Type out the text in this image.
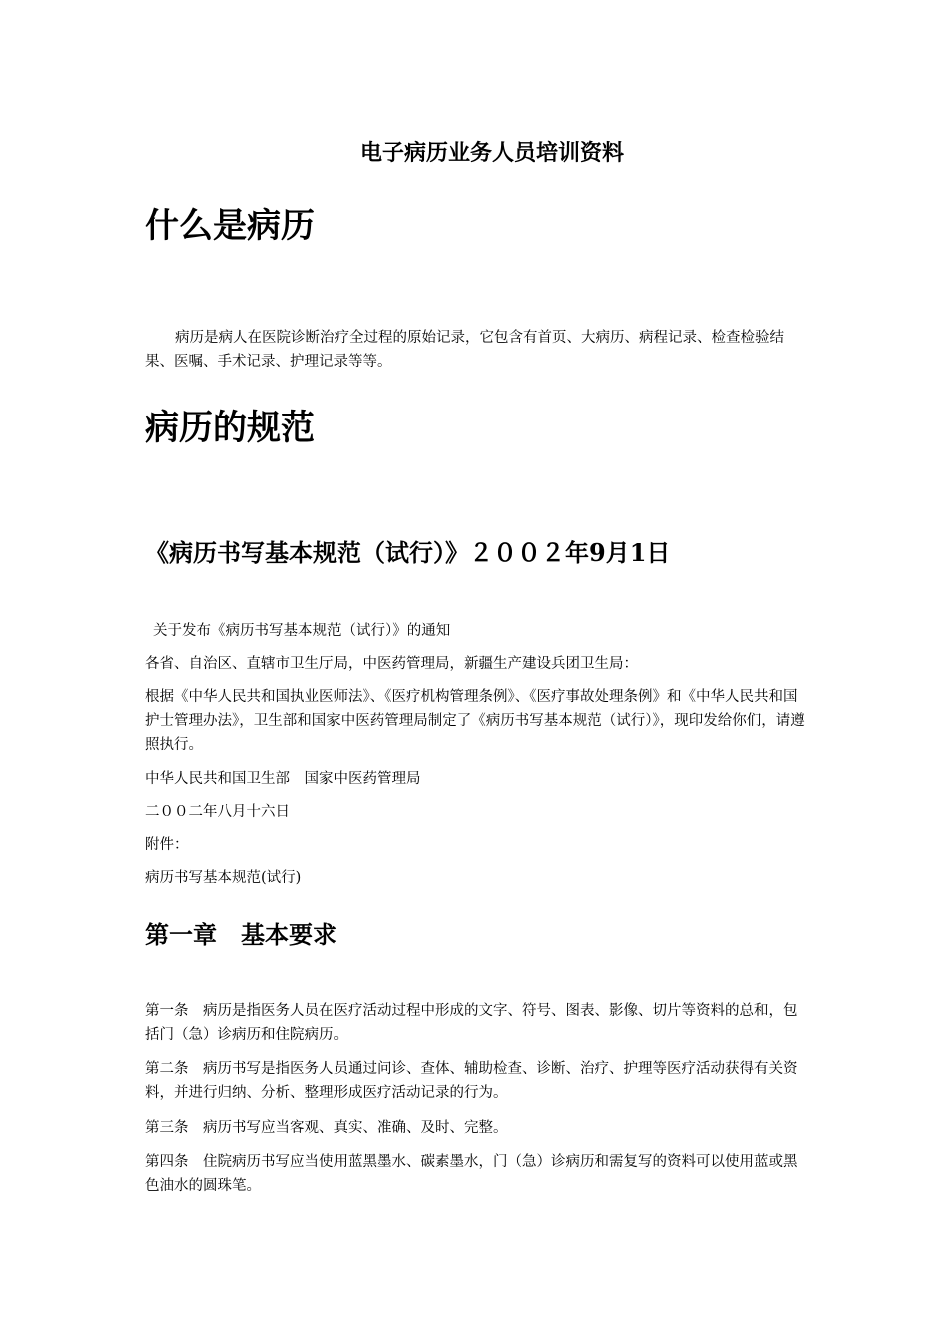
电子病历业务人员培训资料
什么是病历

病历是病人在医院诊断治疗全过程的原始记录，它包含有首页、大病历、病程记录、检查检验结果、医嘱、手术记录、护理记录等等。

病历的规范
《病历书写基本规范（试行）》２００２年9月1日

关于发布《病历书写基本规范（试行）》的通知

各省、自治区、直辖市卫生厅局，中医药管理局，新疆生产建设兵团卫生局：

根据《中华人民共和国执业医师法》、《医疗机构管理条例》、《医疗事故处理条例》和《中华人民共和国护士管理办法》，卫生部和国家中医药管理局制定了《病历书写基本规范（试行）》，现印发给你们，请遵照执行。

中华人民共和国卫生部　国家中医药管理局

二００二年八月十六日

附件：

病历书写基本规范(试行)

第一章　基本要求

第一条　病历是指医务人员在医疗活动过程中形成的文字、符号、图表、影像、切片等资料的总和，包括门（急）诊病历和住院病历。

第二条　病历书写是指医务人员通过问诊、查体、辅助检查、诊断、治疗、护理等医疗活动获得有关资料，并进行归纳、分析、整理形成医疗活动记录的行为。

第三条　病历书写应当客观、真实、准确、及时、完整。

第四条　住院病历书写应当使用蓝黑墨水、碳素墨水，门（急）诊病历和需复写的资料可以使用蓝或黑色油水的圆珠笔。
